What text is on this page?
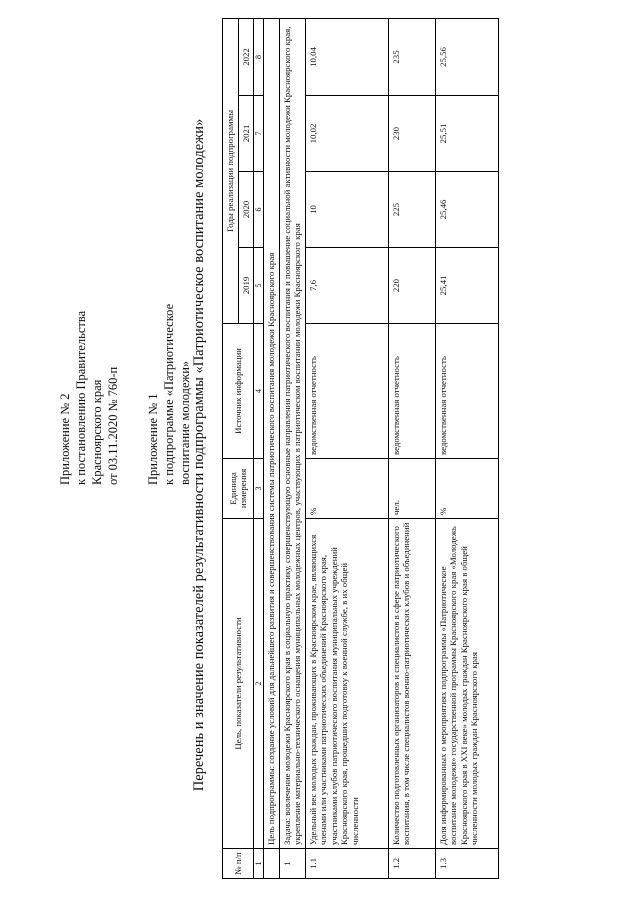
Приложение № 2 к постановлению Правительства Красноярского края от 03.11.2020 № 760-п Приложение № 1 к подпрограмме «Патриотическое воспитание молодежи» Перечень и значение показателей результативности подпрограммы «Патриотическое воспитание молодежи»
№ п/п	Цель, показатели результативности	Единица измерения	Источник информации	Годы реализации подпрограммы			
				2019	2020	2021	2022
1	2	3	4	5	6	7	8
	Цель подпрограммы: создание условий для дальнейшего развития и совершенствования системы патриотического воспитания молодежи Красноярского края						
1	Задача: вовлечение молодежи Красноярского края в социальную практику, совершенствующую основные направления патриотического воспитания и повышение социальной активности молодежи Красноярского края, укрепление материально-технического оснащения муниципальных молодежных центров, участвующих в патриотическом воспитании молодежи Красноярского края						
1.1	Удельный вес молодых граждан, проживающих в Красноярском крае, являющихся членами или участниками патриотических объединений Красноярского края, участниками клубов патриотического воспитания муниципальных учреждений Красноярского края, прошедших подготовку к военной службе, в их общей численности	%	ведомственная отчетность	7,6	10	10,02	10,04
1.2	Количество подготовленных организаторов и специалистов в сфере патриотического воспитания, в том числе специалистов военно-патриотических клубов и объединений	чел.	ведомственная отчетность	220	225	230	235
1.3	Доля информированных о мероприятиях подпрограммы «Патриотическое воспитание молодежи» государственной программы Красноярского края «Молодежь Красноярского края в XXI веке» молодых граждан Красноярского края в общей численности молодых граждан Красноярского края	%	ведомственная отчетность	25,41	25,46	25,51	25,56
